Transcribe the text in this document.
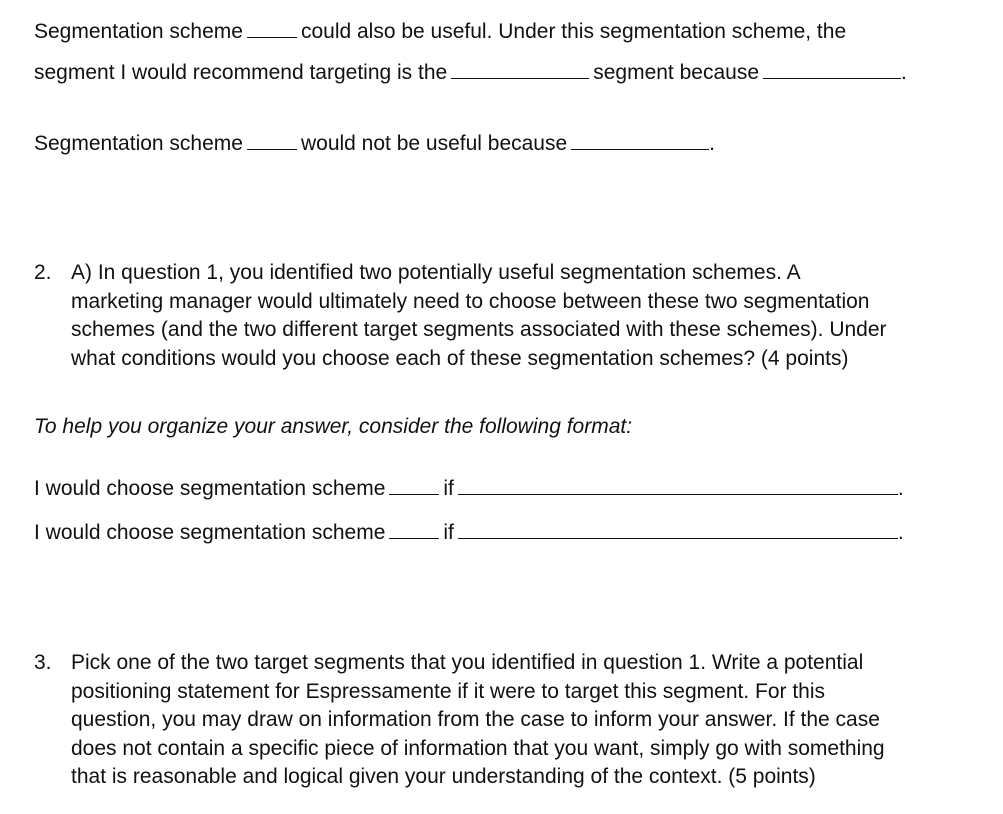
Segmentation scheme	could also be useful. Under this segmentation scheme, the
segment I would recommend targeting is the	segment because	.
Segmentation scheme	would not be useful because	.
2. A) In question 1, you identified two potentially useful segmentation schemes. A
marketing manager would ultimately need to choose between these two segmentation
schemes (and the two different target segments associated with these schemes). Under
what conditions would you choose each of these segmentation schemes? (4 points)
To help you organize your answer, consider the following format:
I would choose segmentation scheme	if	.
I would choose segmentation scheme	if	.
3. Pick one of the two target segments that you identified in question 1. Write a potential
positioning statement for Espressamente if it were to target this segment. For this
question, you may draw on information from the case to inform your answer. If the case
does not contain a specific piece of information that you want, simply go with something
that is reasonable and logical given your understanding of the context. (5 points)
